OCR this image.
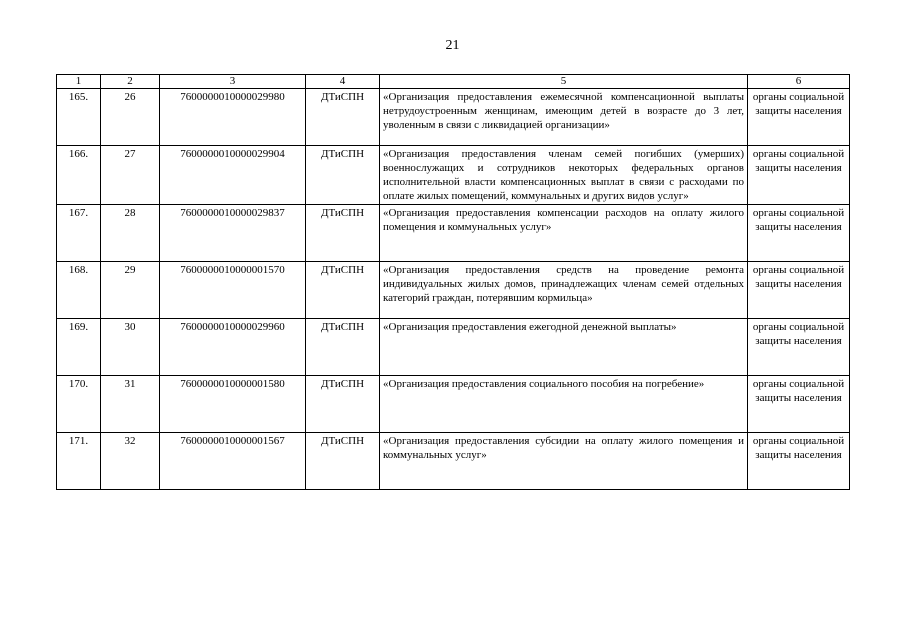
21
1	2	3	4	5	6
165.	26	7600000010000029980	ДТиСПН	«Организация предоставления ежемесячной компенсационной выплаты нетрудоустроенным женщинам, имеющим детей в возрасте до 3 лет, уволенным в связи с ликвидацией организации»	органы социальной защиты населения
166.	27	7600000010000029904	ДТиСПН	«Организация предоставления членам семей погибших (умерших) военнослужащих и сотрудников некоторых федеральных органов исполнительной власти компенсационных выплат в связи с расходами по оплате жилых помещений, коммунальных и других видов услуг»	органы социальной защиты населения
167.	28	7600000010000029837	ДТиСПН	«Организация предоставления компенсации расходов на оплату жилого помещения и коммунальных услуг»	органы социальной защиты населения
168.	29	7600000010000001570	ДТиСПН	«Организация предоставления средств на проведение ремонта индивидуальных жилых домов, принадлежащих членам семей отдельных категорий граждан, потерявшим кормильца»	органы социальной защиты населения
169.	30	7600000010000029960	ДТиСПН	«Организация предоставления ежегодной денежной выплаты»	органы социальной защиты населения
170.	31	7600000010000001580	ДТиСПН	«Организация предоставления социального пособия на погребение»	органы социальной защиты населения
171.	32	7600000010000001567	ДТиСПН	«Организация предоставления субсидии на оплату жилого помещения и коммунальных услуг»	органы социальной защиты населения
